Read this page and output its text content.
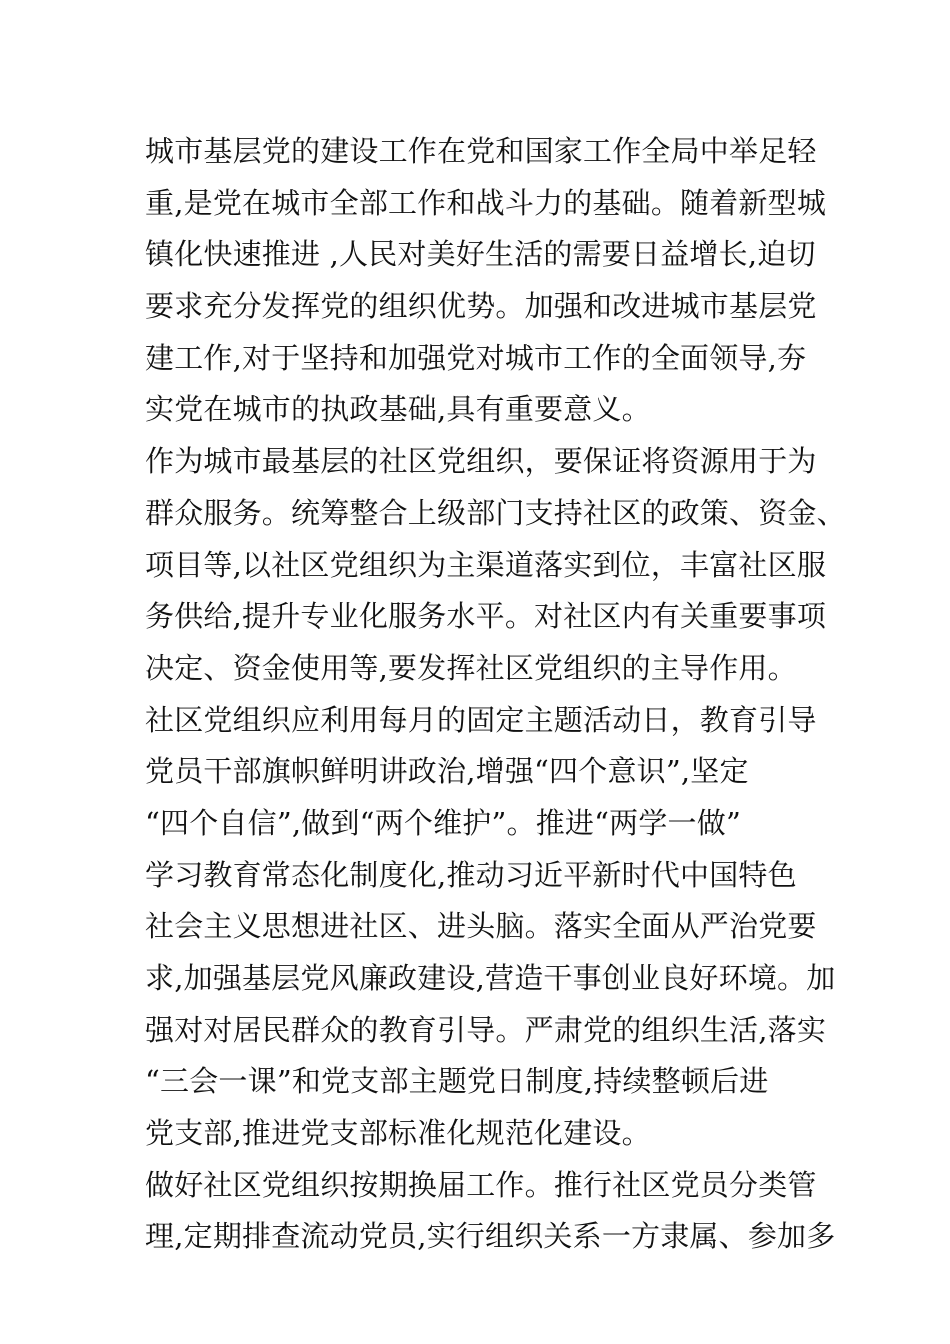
城市基层党的建设工作在党和国家工作全局中举足轻
重,是党在城市全部工作和战斗力的基础。随着新型城
镇化快速推进 ,人民对美好生活的需要日益增长,迫切
要求充分发挥党的组织优势。加强和改进城市基层党
建工作,对于坚持和加强党对城市工作的全面领导,夯
实党在城市的执政基础,具有重要意义。
作为城市最基层的社区党组织，要保证将资源用于为
群众服务。统筹整合上级部门支持社区的政策、资金、
项目等,以社区党组织为主渠道落实到位，丰富社区服
务供给,提升专业化服务水平。对社区内有关重要事项
决定、资金使用等,要发挥社区党组织的主导作用。
社区党组织应利用每月的固定主题活动日，教育引导
党员干部旗帜鲜明讲政治,增强“四个意识”,坚定
“四个自信”,做到“两个维护”。推进“两学一做”
学习教育常态化制度化,推动习近平新时代中国特色
社会主义思想进社区、进头脑。落实全面从严治党要
求,加强基层党风廉政建设,营造干事创业良好环境。加
强对对居民群众的教育引导。严肃党的组织生活,落实
“三会一课”和党支部主题党日制度,持续整顿后进
党支部,推进党支部标准化规范化建设。
做好社区党组织按期换届工作。推行社区党员分类管
理,定期排查流动党员,实行组织关系一方隶属、参加多
